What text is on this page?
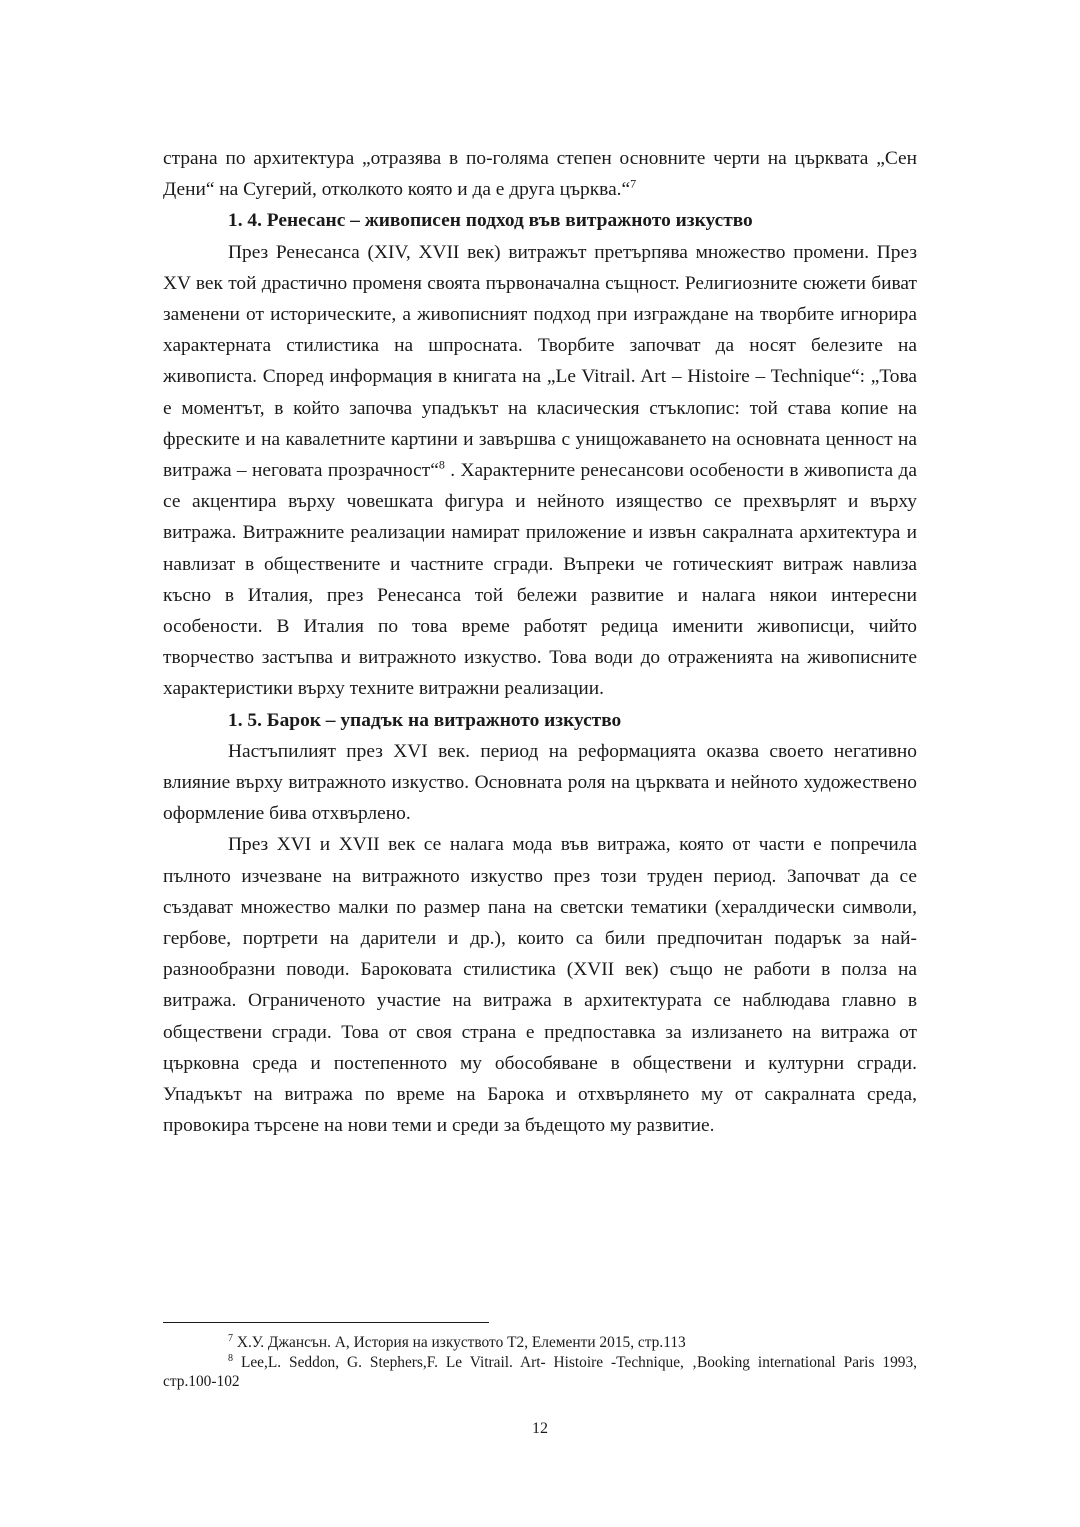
страна по архитектура „отразява в по-голяма степен основните черти на църквата „Сен Дени“ на Сугерий, отколкото която и да е друга църква.“$^7$

1. 4. Ренесанс – живописен подход във витражното изкуство

През Ренесанса (XIV, XVII век) витражът претърпява множество промени. През XV век той драстично променя своята първоначална същност. Религиозните сюжети биват заменени от историческите, а живописният подход при изграждане на творбите игнорира характерната стилистика на шпросната. Творбите започват да носят белезите на живописта. Според информация в книгата на „Le Vitrail. Art – Histoire – Technique“: „Това е моментът, в който започва упадъкът на класическия стъклопис: той става копие на фреските и на кавалетните картини и завършва с унищожаването на основната ценност на витража – неговата прозрачност“$^8$ . Характерните ренесансови особености в живописта да се акцентира върху човешката фигура и нейното изящество се прехвърлят и върху витража. Витражните реализации намират приложение и извън сакралната архитектура и навлизат в обществените и частните сгради. Въпреки че готическият витраж навлиза късно в Италия, през Ренесанса той бележи развитие и налага някои интересни особености. В Италия по това време работят редица именити живописци, чийто творчество застъпва и витражното изкуство. Това води до отраженията на живописните характеристики върху техните витражни реализации.

1. 5. Барок – упадък на витражното изкуство

Настъпилият през XVI век. период на реформацията оказва своето негативно влияние върху витражното изкуство. Основната роля на църквата и нейното художествено оформление бива отхвърлено.

През XVI и XVII век се налага мода във витража, която от части е попречила пълното изчезване на витражното изкуство през този труден период. Започват да се създават множество малки по размер пана на светски тематики (хералдически символи, гербове, портрети на дарители и др.), които са били предпочитан подарък за най-разнообразни поводи. Бароковата стилистика (XVII век) също не работи в полза на витража. Ограниченото участие на витража в архитектурата се наблюдава главно в обществени сгради. Това от своя страна е предпоставка за излизането на витража от църковна среда и постепенното му обособяване в обществени и културни сгради. Упадъкът на витража по време на Барока и отхвърлянето му от сакралната среда, провокира търсене на нови теми и среди за бъдещото му развитие.

$^7$ Х.У. Джансън. А, История на изкуството Т2, Елементи 2015, стр.113

$^8$ Lee,L. Seddon, G. Stephers,F. Le Vitrail. Art- Histoire -Technique, ‚Booking international Paris 1993, стр.100-102

12
